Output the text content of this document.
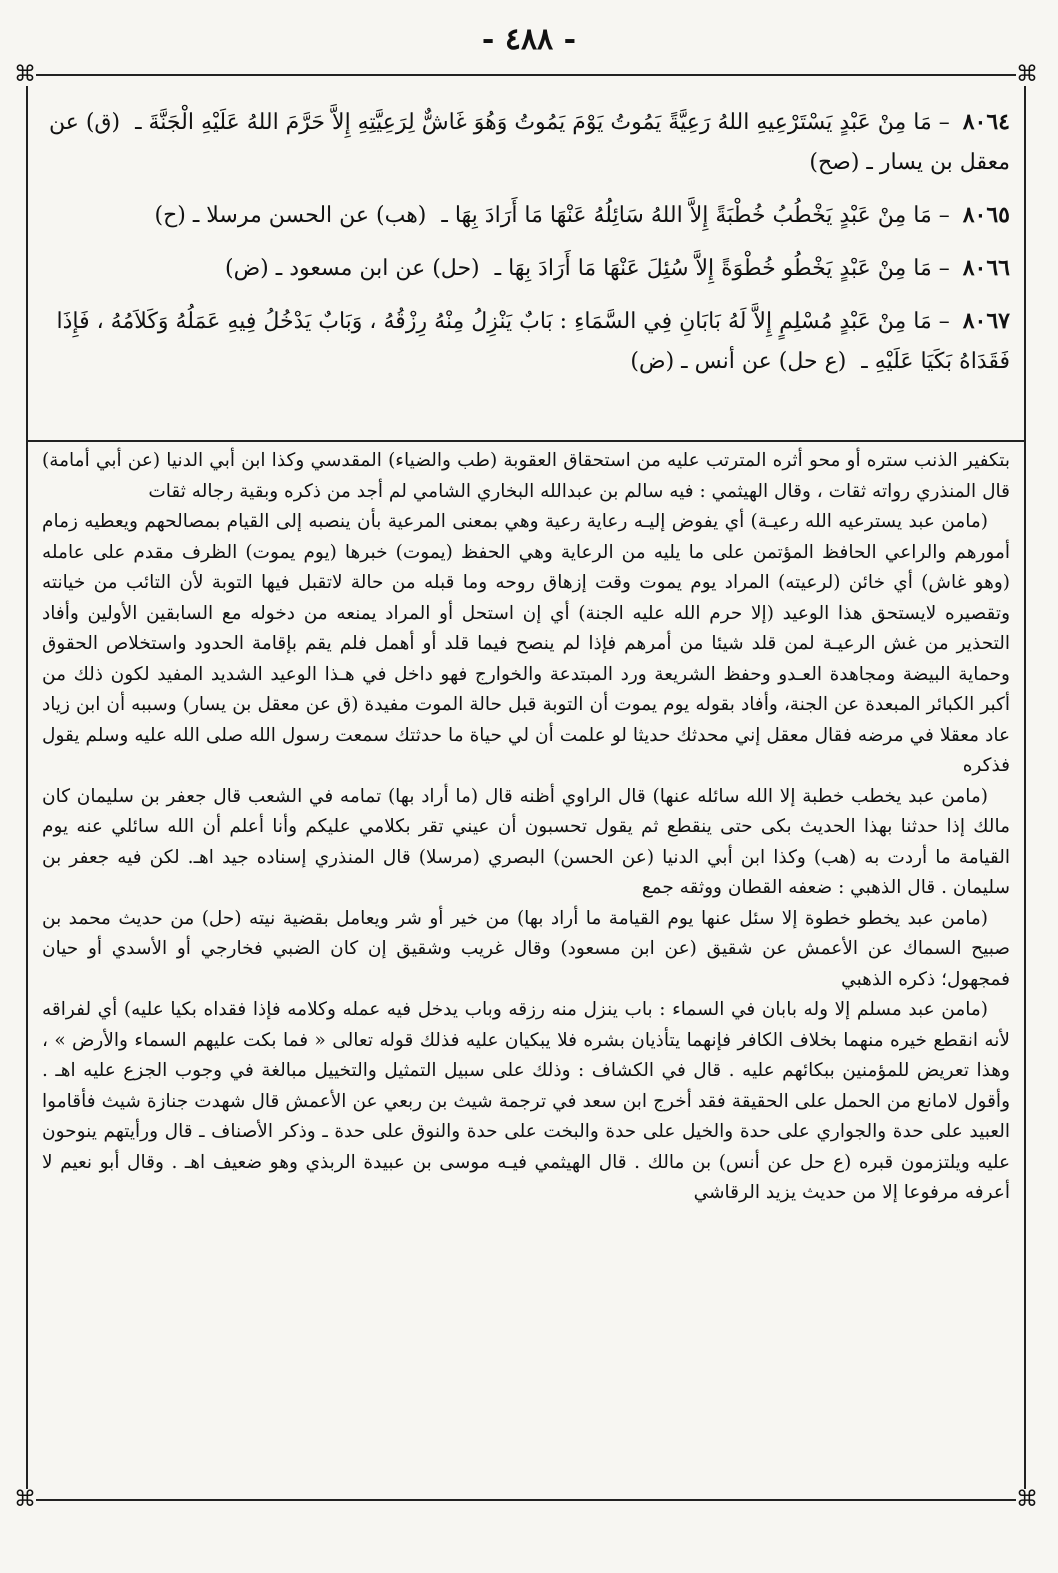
- ٤٨٨ -
⌘	⌘
⌘	⌘

٨٠٦٤ – مَا مِنْ عَبْدٍ يَسْتَرْعِيهِ اللهُ رَعِيَّةً يَمُوتُ يَوْمَ يَمُوتُ وَهُوَ غَاشٌّ لِرَعِيَّتِهِ إِلاَّ حَرَّمَ اللهُ عَلَيْهِ الْجَنَّةَ ـ (ق) عن معقل بن يسار ـ (صح)

٨٠٦٥ – مَا مِنْ عَبْدٍ يَخْطُبُ خُطْبَةً إِلاَّ اللهُ سَائِلُهُ عَنْهَا مَا أَرَادَ بِهَا ـ (هب) عن الحسن مرسلا ـ (ح)

٨٠٦٦ – مَا مِنْ عَبْدٍ يَخْطُو خُطْوَةً إِلاَّ سُئِلَ عَنْهَا مَا أَرَادَ بِهَا ـ (حل) عن ابن مسعود ـ (ض)

٨٠٦٧ – مَا مِنْ عَبْدٍ مُسْلِمٍ إِلاَّ لَهُ بَابَانِ فِي السَّمَاءِ : بَابٌ يَنْزِلُ مِنْهُ رِزْقُهُ ، وَبَابٌ يَدْخُلُ فِيهِ عَمَلُهُ وَكَلاَمُهُ ، فَإِذَا فَقَدَاهُ بَكَيَا عَلَيْهِ ـ (ع حل) عن أنس ـ (ض)

بتكفير الذنب ستره أو محو أثره المترتب عليه من استحقاق العقوبة (طب والضياء) المقدسي وكذا ابن أبي الدنيا (عن أبي أمامة) قال المنذري رواته ثقات ، وقال الهيثمي : فيه سالم بن عبدالله البخاري الشامي لم أجد من ذكره وبقية رجاله ثقات

(مامن عبد يسترعيه الله رعيـة) أي يفوض إليـه رعاية رعية وهي بمعنى المرعية بأن ينصبه إلى القيام بمصالحهم ويعطيه زمام أمورهم والراعي الحافظ المؤتمن على ما يليه من الرعاية وهي الحفظ (يموت) خبرها (يوم يموت) الظرف مقدم على عامله (وهو غاش) أي خائن (لرعيته) المراد يوم يموت وقت إزهاق روحه وما قبله من حالة لاتقبل فيها التوبة لأن التائب من خيانته وتقصيره لايستحق هذا الوعيد (إلا حرم الله عليه الجنة) أي إن استحل أو المراد يمنعه من دخوله مع السابقين الأولين وأفاد التحذير من غش الرعيـة لمن قلد شيئا من أمرهم فإذا لم ينصح فيما قلد أو أهمل فلم يقم بإقامة الحدود واستخلاص الحقوق وحماية البيضة ومجاهدة العـدو وحفظ الشريعة ورد المبتدعة والخوارج فهو داخل في هـذا الوعيد الشديد المفيد لكون ذلك من أكبر الكبائر المبعدة عن الجنة، وأفاد بقوله يوم يموت أن التوبة قبل حالة الموت مفيدة (ق عن معقل بن يسار) وسببه أن ابن زياد عاد معقلا في مرضه فقال معقل إني محدثك حديثا لو علمت أن لي حياة ما حدثتك سمعت رسول الله صلى الله عليه وسلم يقول فذكره

(مامن عبد يخطب خطبة إلا الله سائله عنها) قال الراوي أظنه قال (ما أراد بها) تمامه في الشعب قال جعفر بن سليمان كان مالك إذا حدثنا بهذا الحديث بكى حتى ينقطع ثم يقول تحسبون أن عيني تقر بكلامي عليكم وأنا أعلم أن الله سائلي عنه يوم القيامة ما أردت به (هب) وكذا ابن أبي الدنيا (عن الحسن) البصري (مرسلا) قال المنذري إسناده جيد اهـ. لكن فيه جعفر بن سليمان . قال الذهبي : ضعفه القطان ووثقه جمع

(مامن عبد يخطو خطوة إلا سئل عنها يوم القيامة ما أراد بها) من خير أو شر ويعامل بقضية نيته (حل) من حديث محمد بن صبيح السماك عن الأعمش عن شقيق (عن ابن مسعود) وقال غريب وشقيق إن كان الضبي فخارجي أو الأسدي أو حيان فمجهول؛ ذكره الذهبي

(مامن عبد مسلم إلا وله بابان في السماء : باب ينزل منه رزقه وباب يدخل فيه عمله وكلامه فإذا فقداه بكيا عليه) أي لفراقه لأنه انقطع خيره منهما بخلاف الكافر فإنهما يتأذيان بشره فلا يبكيان عليه فذلك قوله تعالى « فما بكت عليهم السماء والأرض » ، وهذا تعريض للمؤمنين ببكائهم عليه . قال في الكشاف : وذلك على سبيل التمثيل والتخييل مبالغة في وجوب الجزع عليه اهـ . وأقول لامانع من الحمل على الحقيقة فقد أخرج ابن سعد في ترجمة شيث بن ربعي عن الأعمش قال شهدت جنازة شيث فأقاموا العبيد على حدة والجواري على حدة والخيل على حدة والبخت على حدة والنوق على حدة ـ وذكر الأصناف ـ قال ورأيتهم ينوحون عليه ويلتزمون قبره (ع حل عن أنس) بن مالك . قال الهيثمي فيـه موسى بن عبيدة الربذي وهو ضعيف اهـ . وقال أبو نعيم لا أعرفه مرفوعا إلا من حديث يزيد الرقاشي
